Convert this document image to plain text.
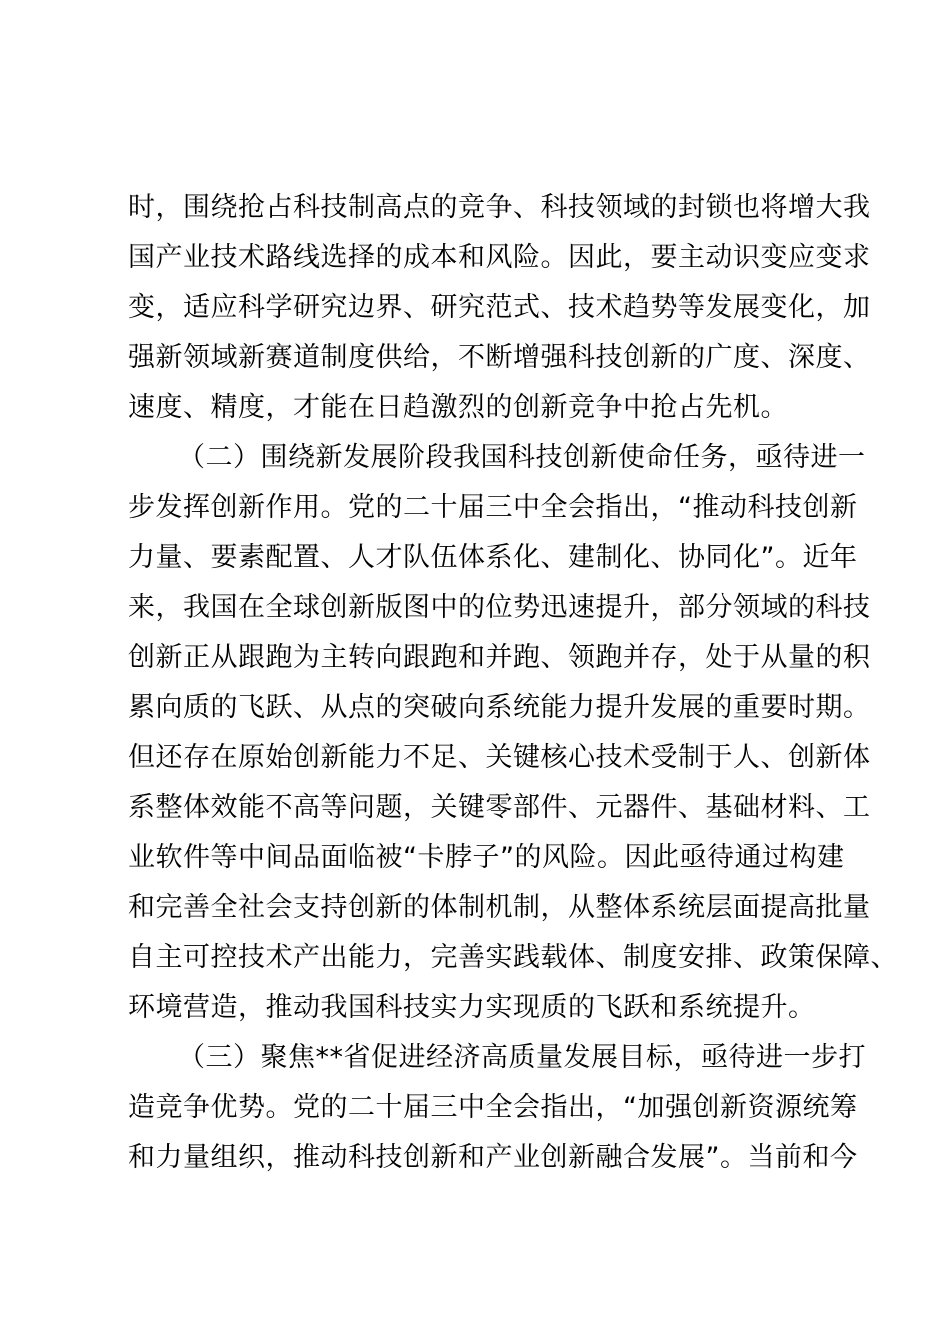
时，围绕抢占科技制高点的竞争、科技领域的封锁也将增大我
国产业技术路线选择的成本和风险。因此，要主动识变应变求
变，适应科学研究边界、研究范式、技术趋势等发展变化，加
强新领域新赛道制度供给，不断增强科技创新的广度、深度、
速度、精度，才能在日趋激烈的创新竞争中抢占先机。
（二）围绕新发展阶段我国科技创新使命任务，亟待进一
步发挥创新作用。党的二十届三中全会指出，“推动科技创新
力量、要素配置、人才队伍体系化、建制化、协同化”。近年
来，我国在全球创新版图中的位势迅速提升，部分领域的科技
创新正从跟跑为主转向跟跑和并跑、领跑并存，处于从量的积
累向质的飞跃、从点的突破向系统能力提升发展的重要时期。
但还存在原始创新能力不足、关键核心技术受制于人、创新体
系整体效能不高等问题，关键零部件、元器件、基础材料、工
业软件等中间品面临被“卡脖子”的风险。因此亟待通过构建
和完善全社会支持创新的体制机制，从整体系统层面提高批量
自主可控技术产出能力，完善实践载体、制度安排、政策保障、
环境营造，推动我国科技实力实现质的飞跃和系统提升。
（三）聚焦**省促进经济高质量发展目标，亟待进一步打
造竞争优势。党的二十届三中全会指出，“加强创新资源统筹
和力量组织，推动科技创新和产业创新融合发展”。当前和今
